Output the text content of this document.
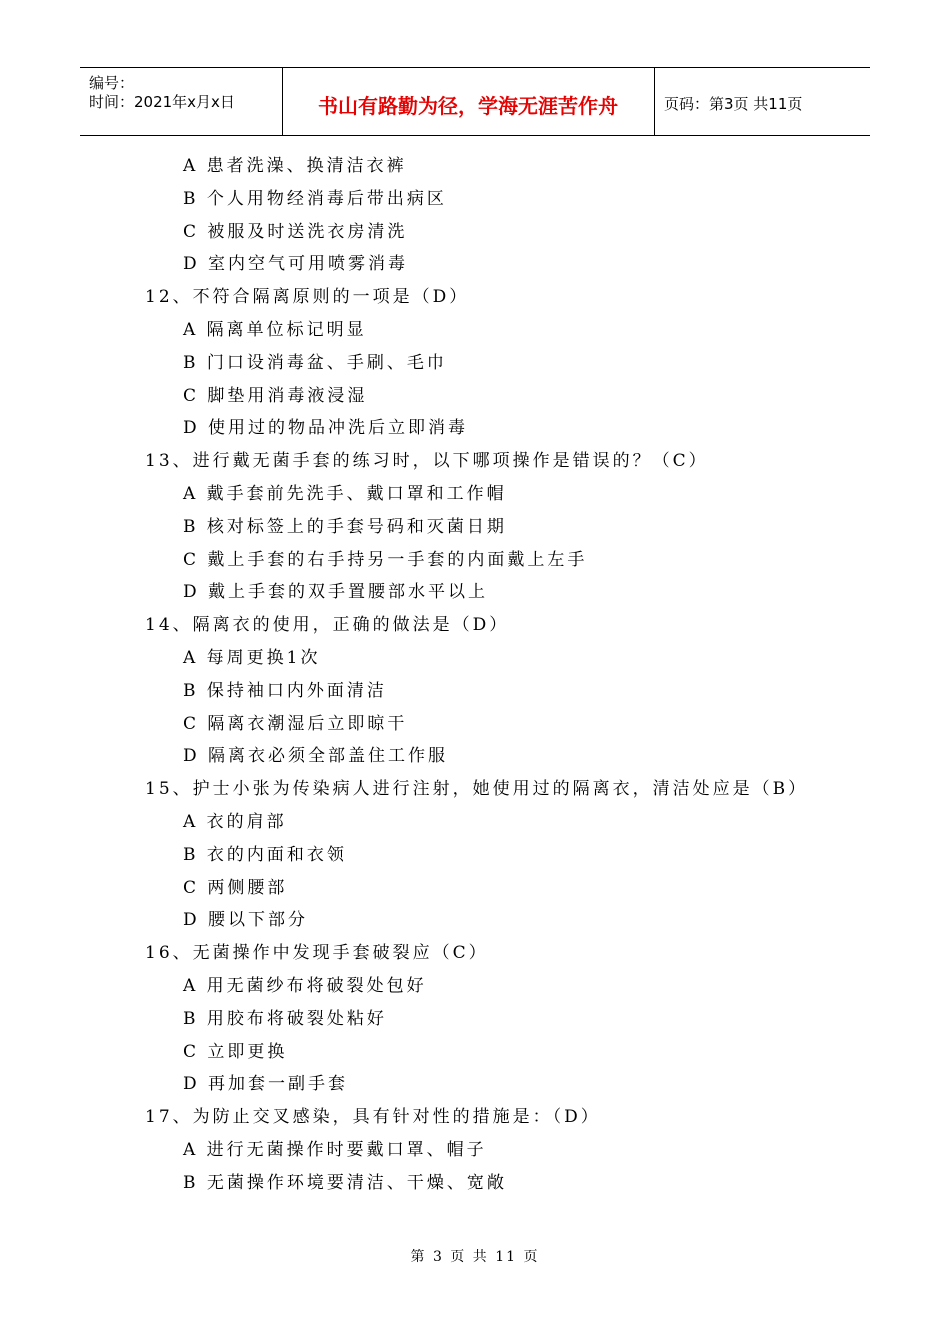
编号：
时间：2021年x月x日	书山有路勤为径，学海无涯苦作舟	页码：第3页 共11页
A 患者洗澡、换清洁衣裤
B 个人用物经消毒后带出病区
C 被服及时送洗衣房清洗
D 室内空气可用喷雾消毒
12、不符合隔离原则的一项是（D）
A 隔离单位标记明显
B 门口设消毒盆、手刷、毛巾
C 脚垫用消毒液浸湿
D 使用过的物品冲洗后立即消毒
13、进行戴无菌手套的练习时，以下哪项操作是错误的？（C）
A 戴手套前先洗手、戴口罩和工作帽
B 核对标签上的手套号码和灭菌日期
C 戴上手套的右手持另一手套的内面戴上左手
D 戴上手套的双手置腰部水平以上
14、隔离衣的使用，正确的做法是（D）
A 每周更换1次
B 保持袖口内外面清洁
C 隔离衣潮湿后立即晾干
D 隔离衣必须全部盖住工作服
15、护士小张为传染病人进行注射，她使用过的隔离衣，清洁处应是（B）
A 衣的肩部
B 衣的内面和衣领
C 两侧腰部
D 腰以下部分
16、无菌操作中发现手套破裂应（C）
A 用无菌纱布将破裂处包好
B 用胶布将破裂处粘好
C 立即更换
D 再加套一副手套
17、为防止交叉感染，具有针对性的措施是：（D）
A 进行无菌操作时要戴口罩、帽子
B 无菌操作环境要清洁、干燥、宽敞
第 3 页 共 11 页
